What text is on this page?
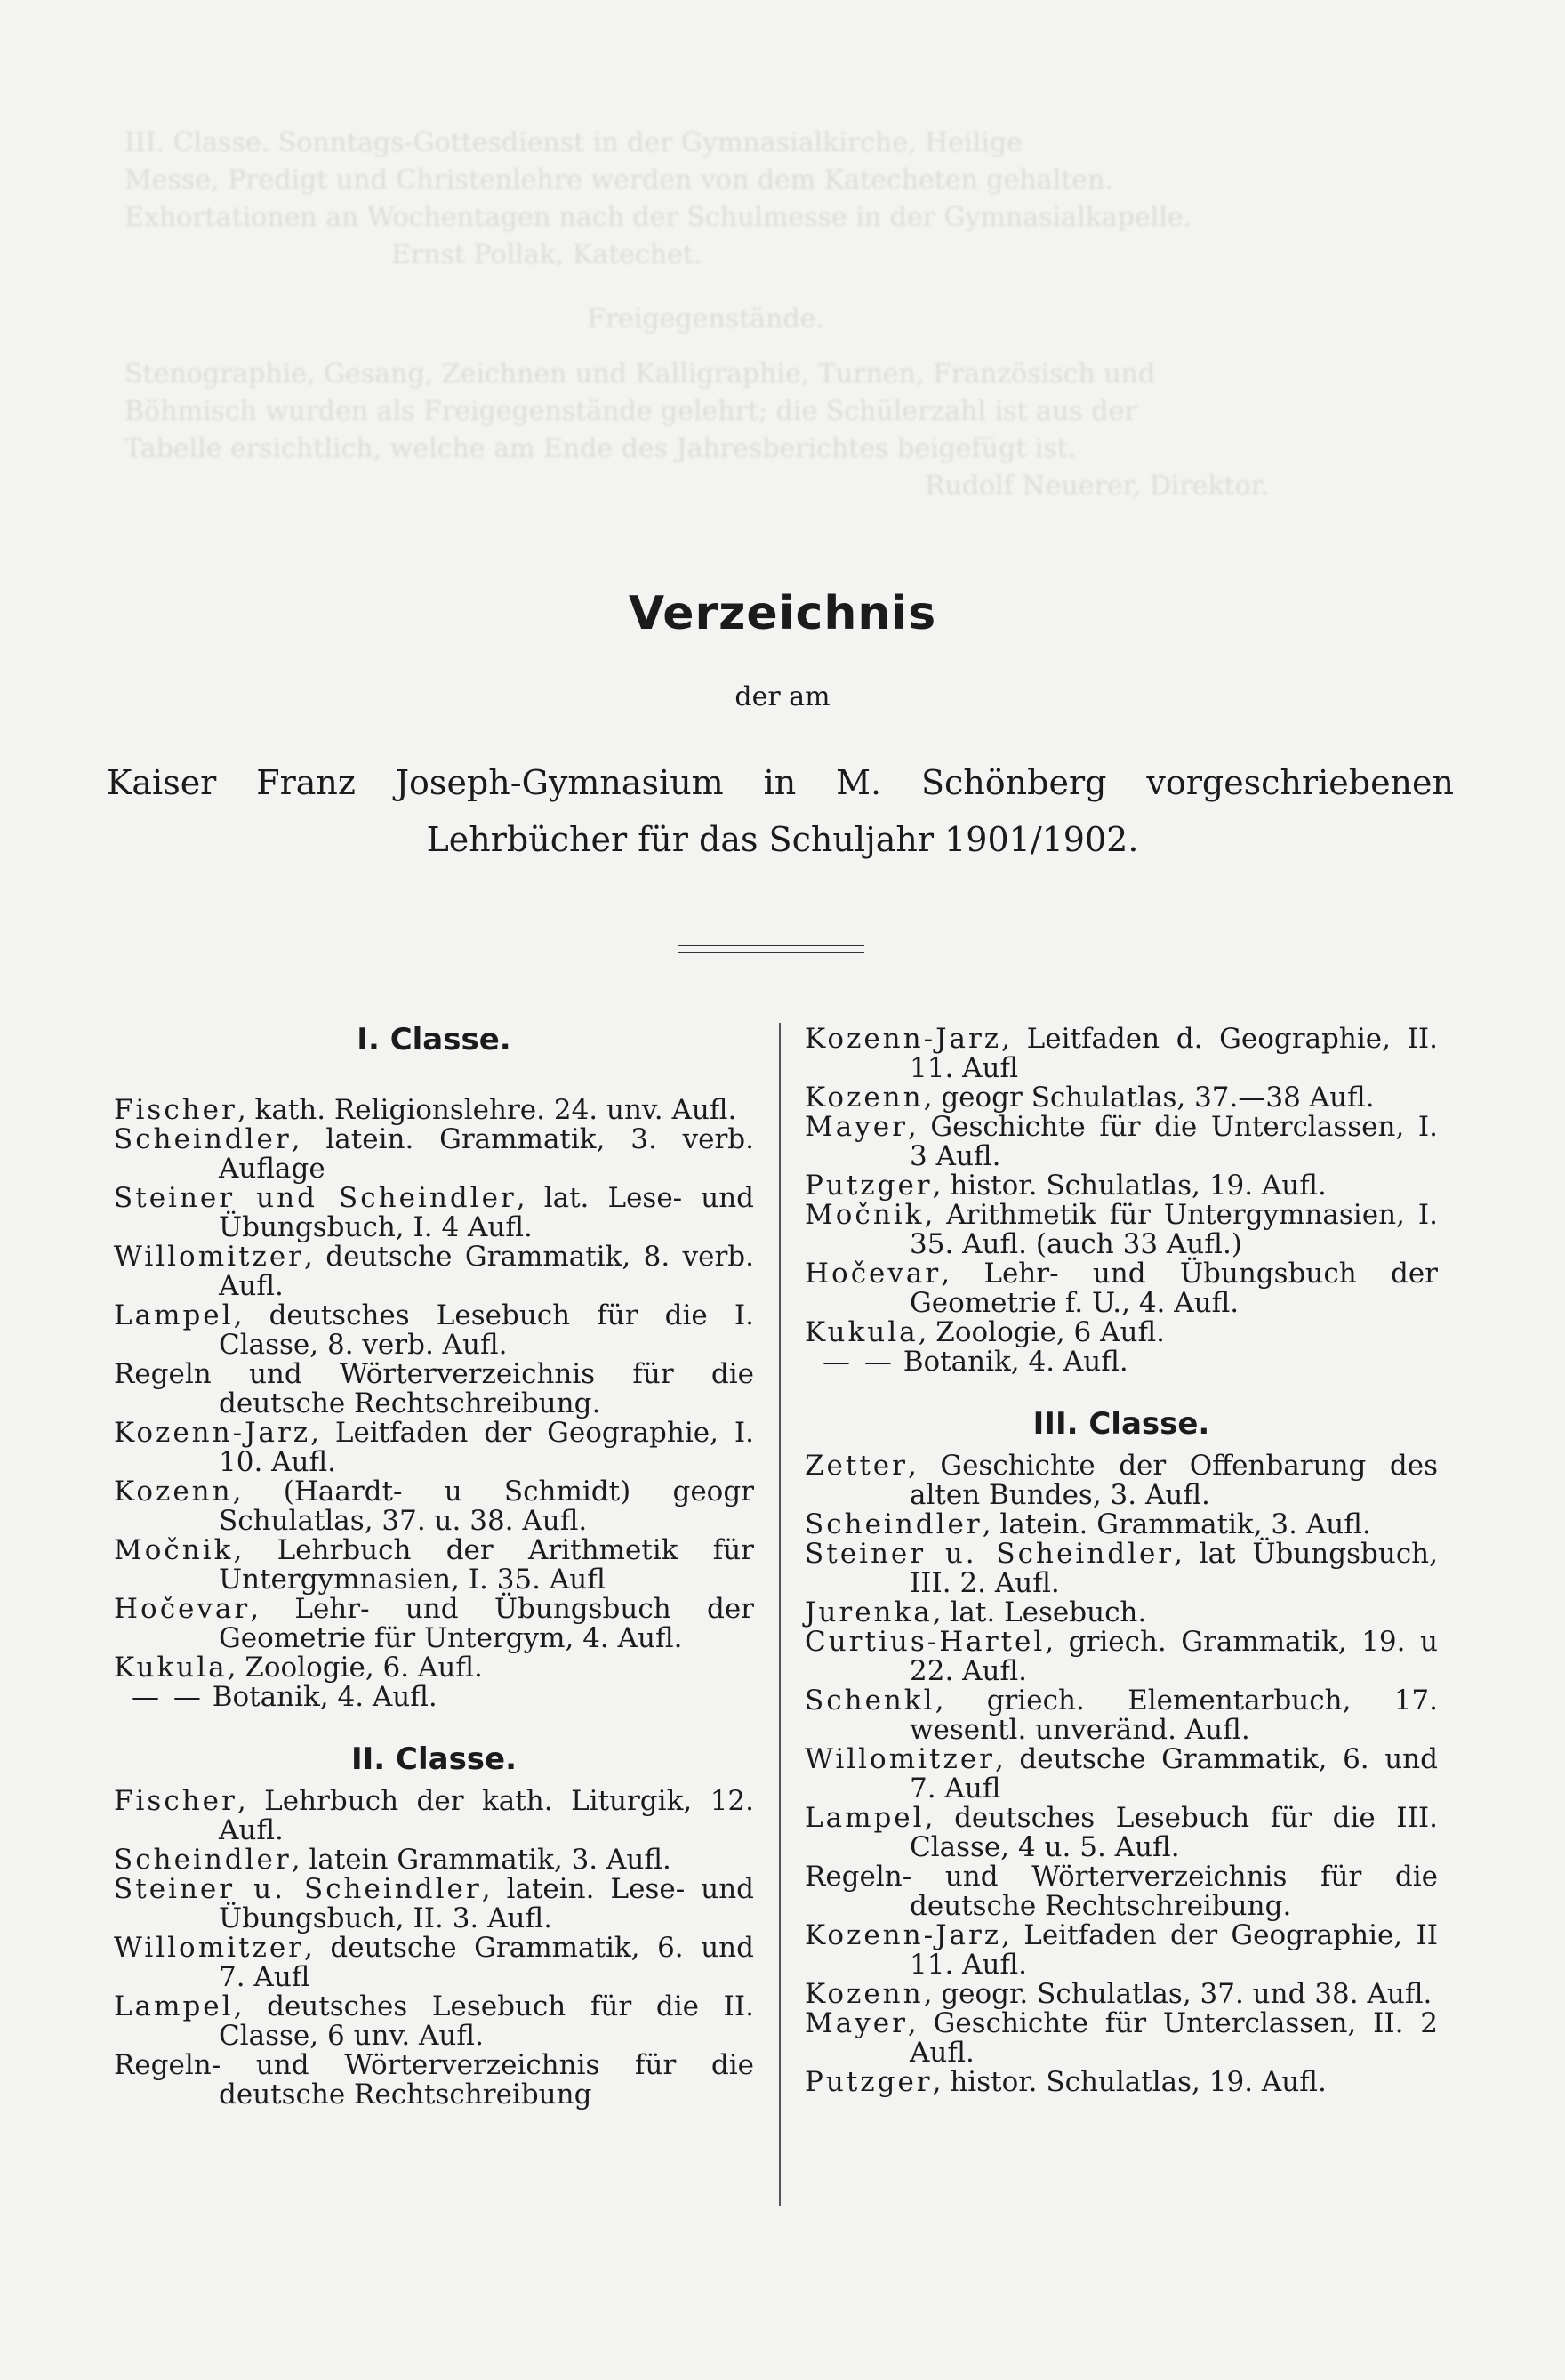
III. Classe. Sonntags-Gottesdienst in der Gymnasialkirche, Heilige
Messe, Predigt und Christenlehre werden von dem Katecheten gehalten.
Exhortationen an Wochentagen nach der Schulmesse in der Gymnasialkapelle.
Ernst Pollak, Katechet.
Freigegenstände.
Stenographie, Gesang, Zeichnen und Kalligraphie, Turnen, Französisch und
Böhmisch wurden als Freigegenstände gelehrt; die Schülerzahl ist aus der
Tabelle ersichtlich, welche am Ende des Jahresberichtes beigefügt ist.
Rudolf Neuerer, Direktor.
Verzeichnis
der am
Kaiser Franz Joseph-Gymnasium in M. Schönberg vorgeschriebenen
Lehrbücher für das Schuljahr 1901/1902.
I. Classe.

Fischer, kath. Religionslehre. 24. unv. Aufl.

Scheindler, latein. Grammatik, 3. verb. Auflage

Steiner und Scheindler, lat. Lese- und Übungsbuch, I. 4 Aufl.

Willomitzer, deutsche Grammatik, 8. verb. Aufl.

Lampel, deutsches Lesebuch für die I. Classe, 8. verb. Aufl.

Regeln und Wörterverzeichnis für die deutsche Rechtschreibung.

Kozenn-Jarz, Leitfaden der Geographie, I. 10. Aufl.

Kozenn, (Haardt- u Schmidt) geogr Schulatlas, 37. u. 38. Aufl.

Močnik, Lehrbuch der Arithmetik für Untergymnasien, I. 35. Aufl

Hočevar, Lehr- und Übungsbuch der Geometrie für Untergym, 4. Aufl.

Kukula, Zoologie, 6. Aufl.

— — Botanik, 4. Aufl.

II. Classe.

Fischer, Lehrbuch der kath. Liturgik, 12. Aufl.

Scheindler, latein Grammatik, 3. Aufl.

Steiner u. Scheindler, latein. Lese- und Übungsbuch, II. 3. Aufl.

Willomitzer, deutsche Grammatik, 6. und 7. Aufl

Lampel, deutsches Lesebuch für die II. Classe, 6 unv. Aufl.

Regeln- und Wörterverzeichnis für die deutsche Rechtschreibung

Kozenn-Jarz, Leitfaden d. Geographie, II. 11. Aufl

Kozenn, geogr Schulatlas, 37.—38 Aufl.

Mayer, Geschichte für die Unterclassen, I. 3 Aufl.

Putzger, histor. Schulatlas, 19. Aufl.

Močnik, Arithmetik für Untergymnasien, I. 35. Aufl. (auch 33 Aufl.)

Hočevar, Lehr- und Übungsbuch der Geometrie f. U., 4. Aufl.

Kukula, Zoologie, 6 Aufl.

— — Botanik, 4. Aufl.

III. Classe.

Zetter, Geschichte der Offenbarung des alten Bundes, 3. Aufl.

Scheindler, latein. Grammatik, 3. Aufl.

Steiner u. Scheindler, lat Übungsbuch, III. 2. Aufl.

Jurenka, lat. Lesebuch.

Curtius-Hartel, griech. Grammatik, 19. u 22. Aufl.

Schenkl, griech. Elementarbuch, 17. wesentl. unveränd. Aufl.

Willomitzer, deutsche Grammatik, 6. und 7. Aufl

Lampel, deutsches Lesebuch für die III. Classe, 4 u. 5. Aufl.

Regeln- und Wörterverzeichnis für die deutsche Rechtschreibung.

Kozenn-Jarz, Leitfaden der Geographie, II 11. Aufl.

Kozenn, geogr. Schulatlas, 37. und 38. Aufl.

Mayer, Geschichte für Unterclassen, II. 2 Aufl.

Putzger, histor. Schulatlas, 19. Aufl.
